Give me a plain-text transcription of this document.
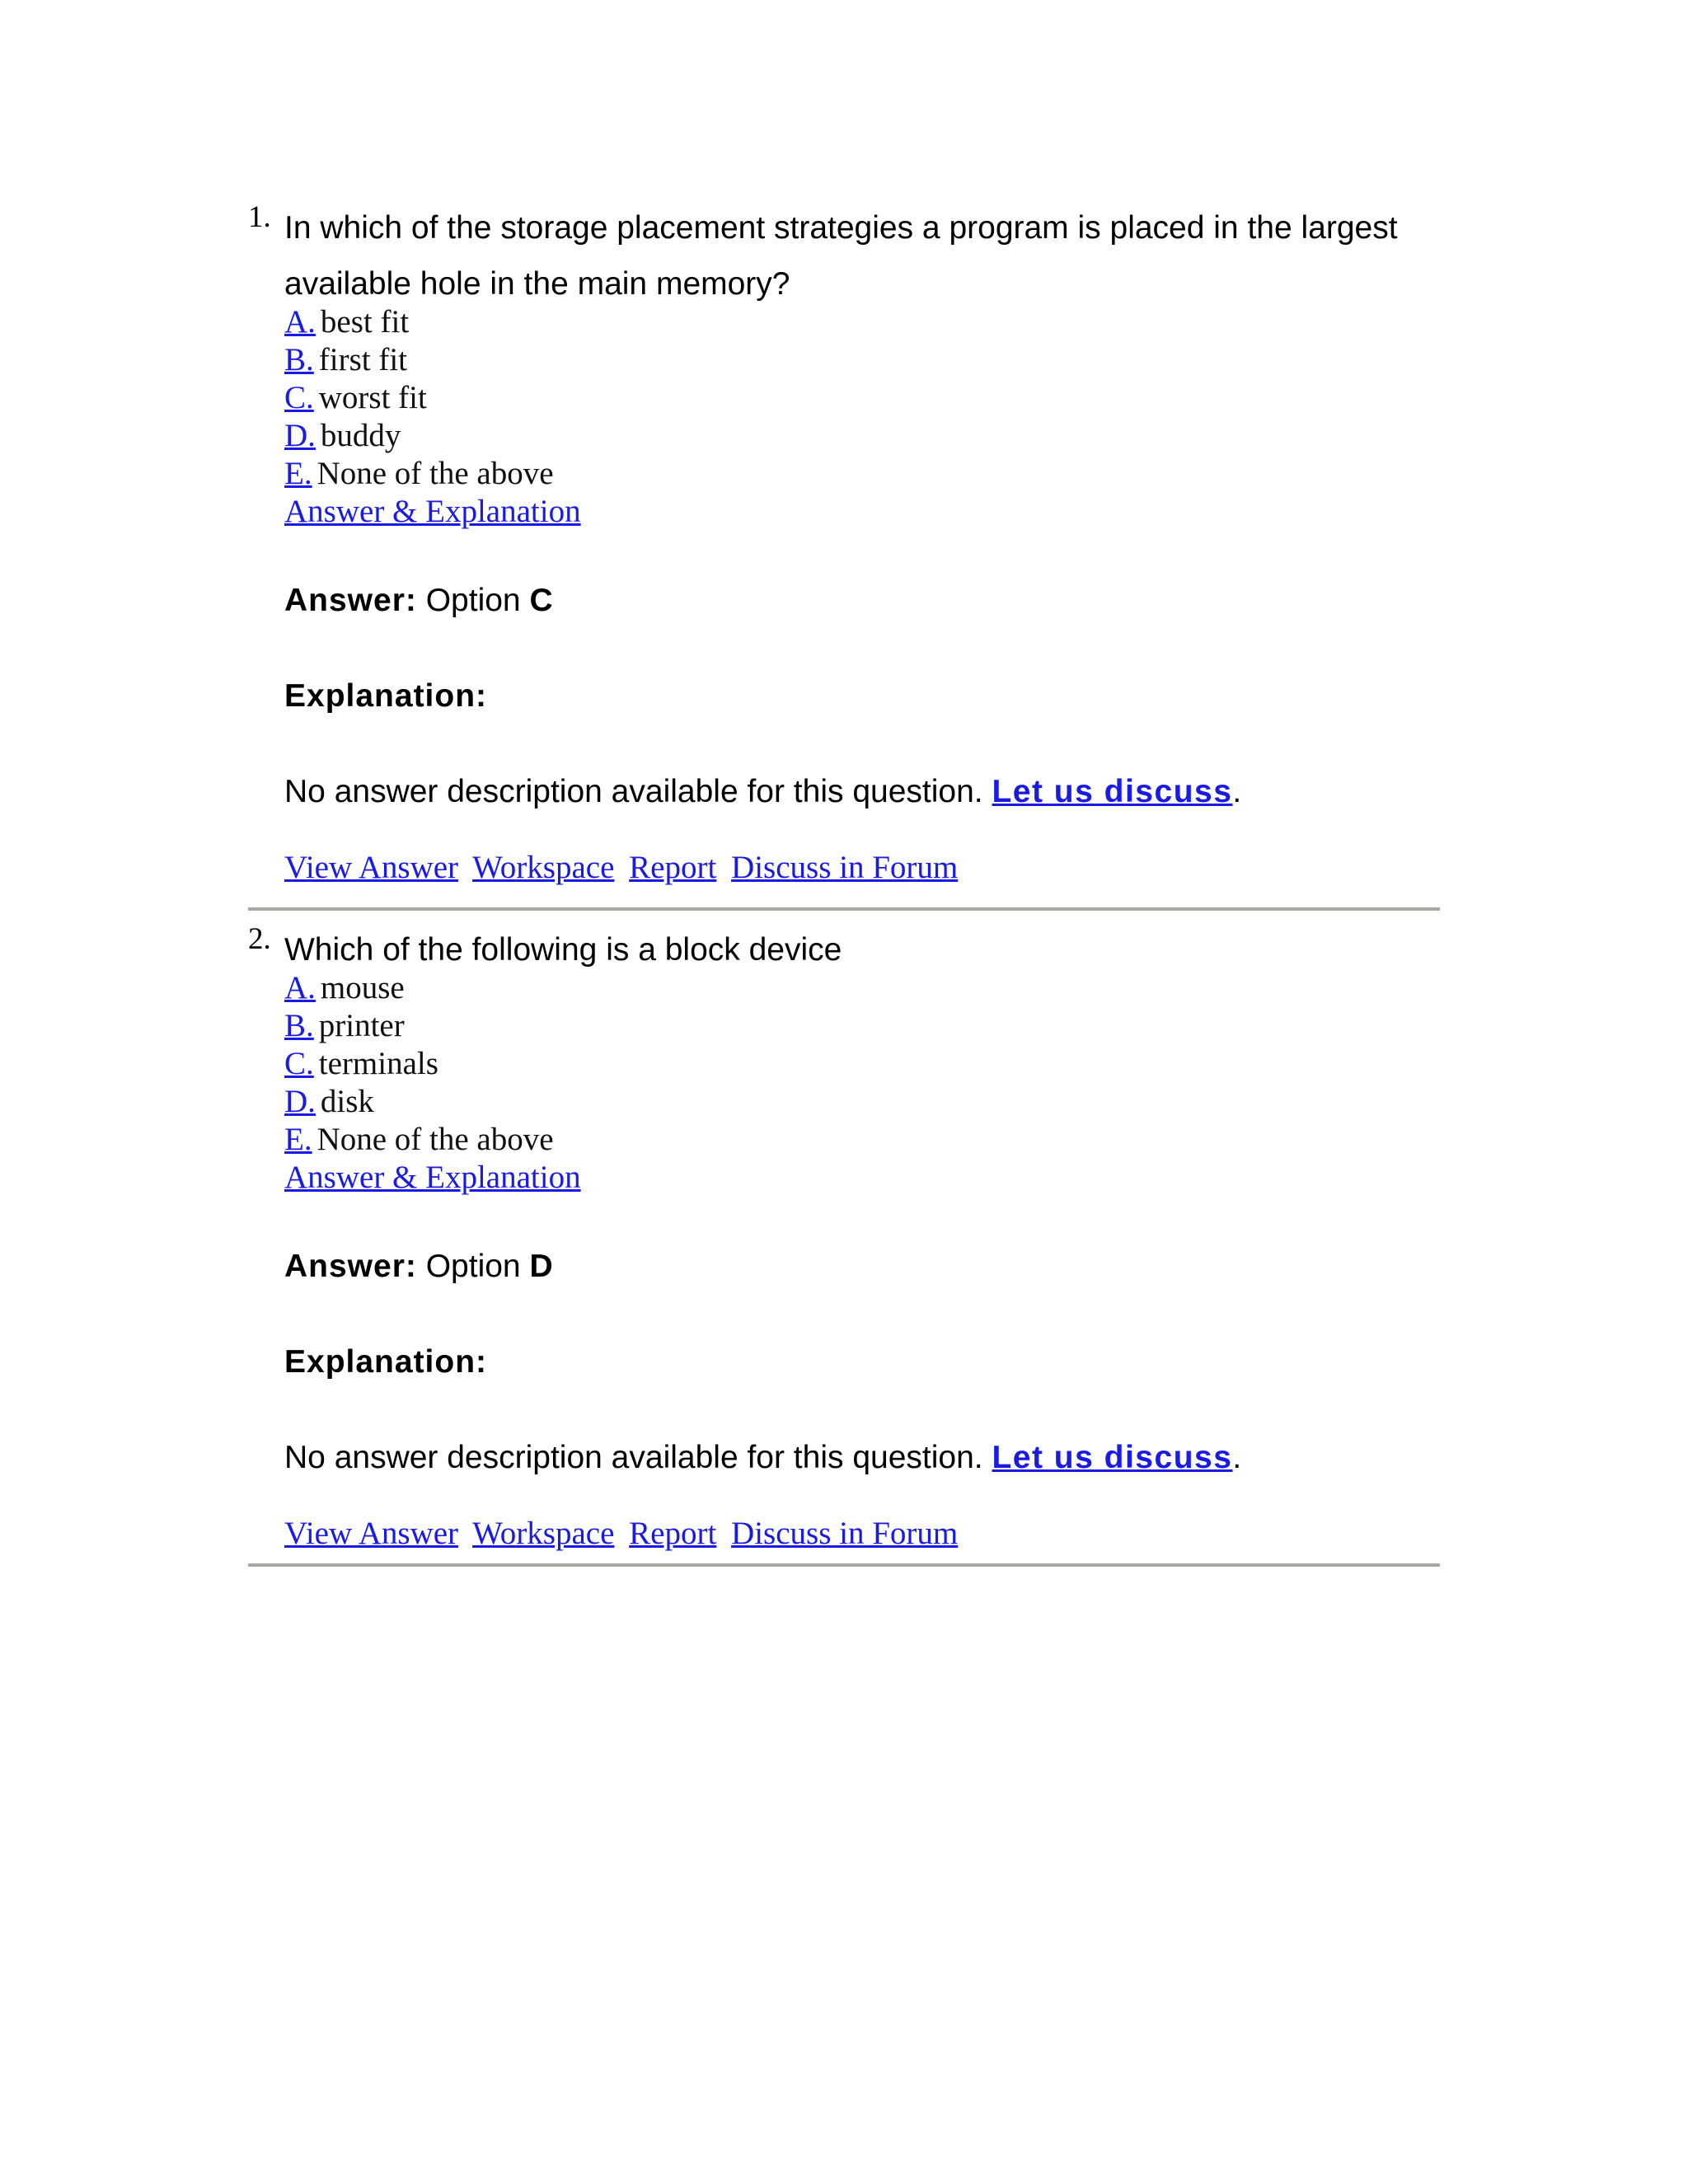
1. In which of the storage placement strategies a program is placed in the largest
available hole in the main memory?
A. best fit
B. first fit
C. worst fit
D. buddy
E. None of the above
Answer & Explanation
Answer: Option C
Explanation:
No answer description available for this question. Let us discuss.
View Answer Workspace Report Discuss in Forum
2. Which of the following is a block device
A. mouse
B. printer
C. terminals
D. disk
E. None of the above
Answer & Explanation
Answer: Option D
Explanation:
No answer description available for this question. Let us discuss.
View Answer Workspace Report Discuss in Forum
